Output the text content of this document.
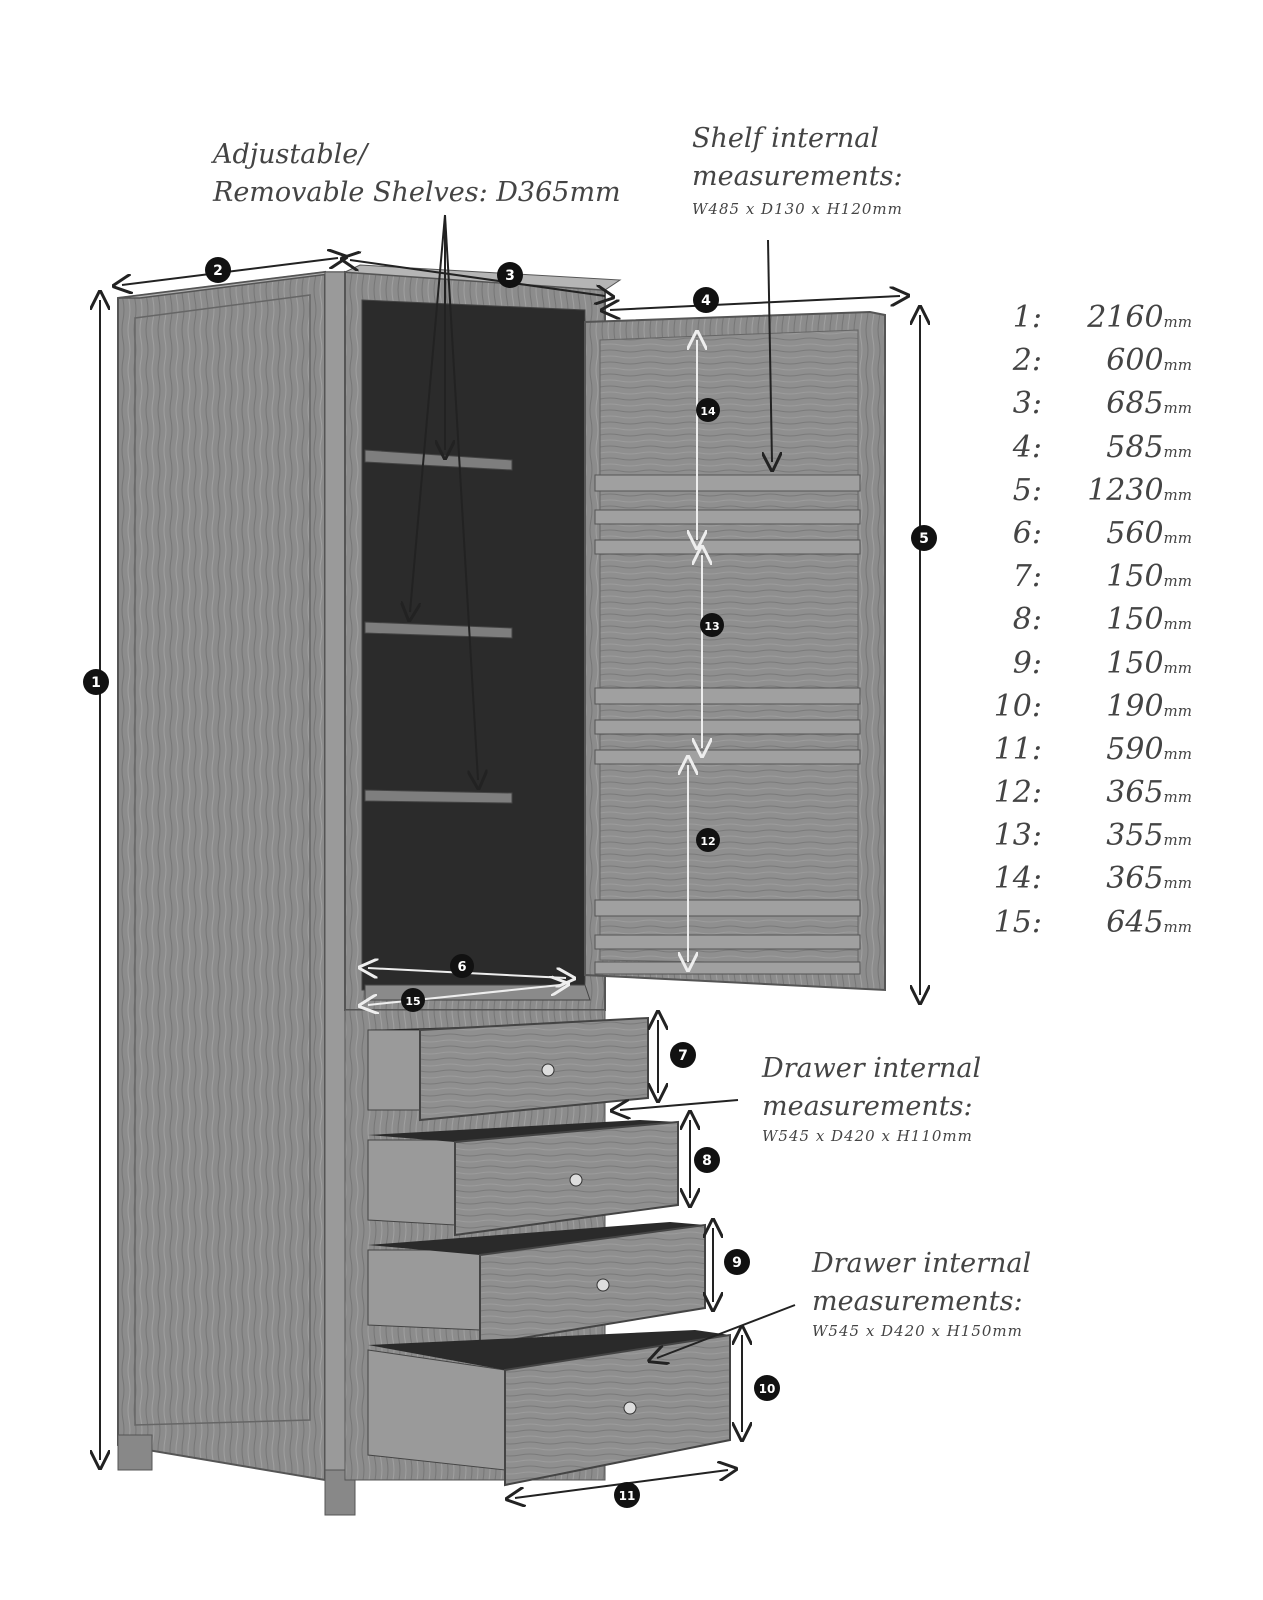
1
2	3
4
5
6
7
8
9
10
11
12
13
14
15
Adjustable/
Removable Shelves: D365mm
Shelf internal
measurements:
W485 x D130 x H120mm
Drawer internal
measurements:
W545 x D420 x H110mm
Drawer internal
measurements:
W545 x D420 x H150mm
1:	2160mm
2:	600mm
3:	685mm
4:	585mm
5:	1230mm
6:	560mm
7:	150mm
8:	150mm
9:	150mm
10:	190mm
11:	590mm
12:	365mm
13:	355mm
14:	365mm
15:	645mm
